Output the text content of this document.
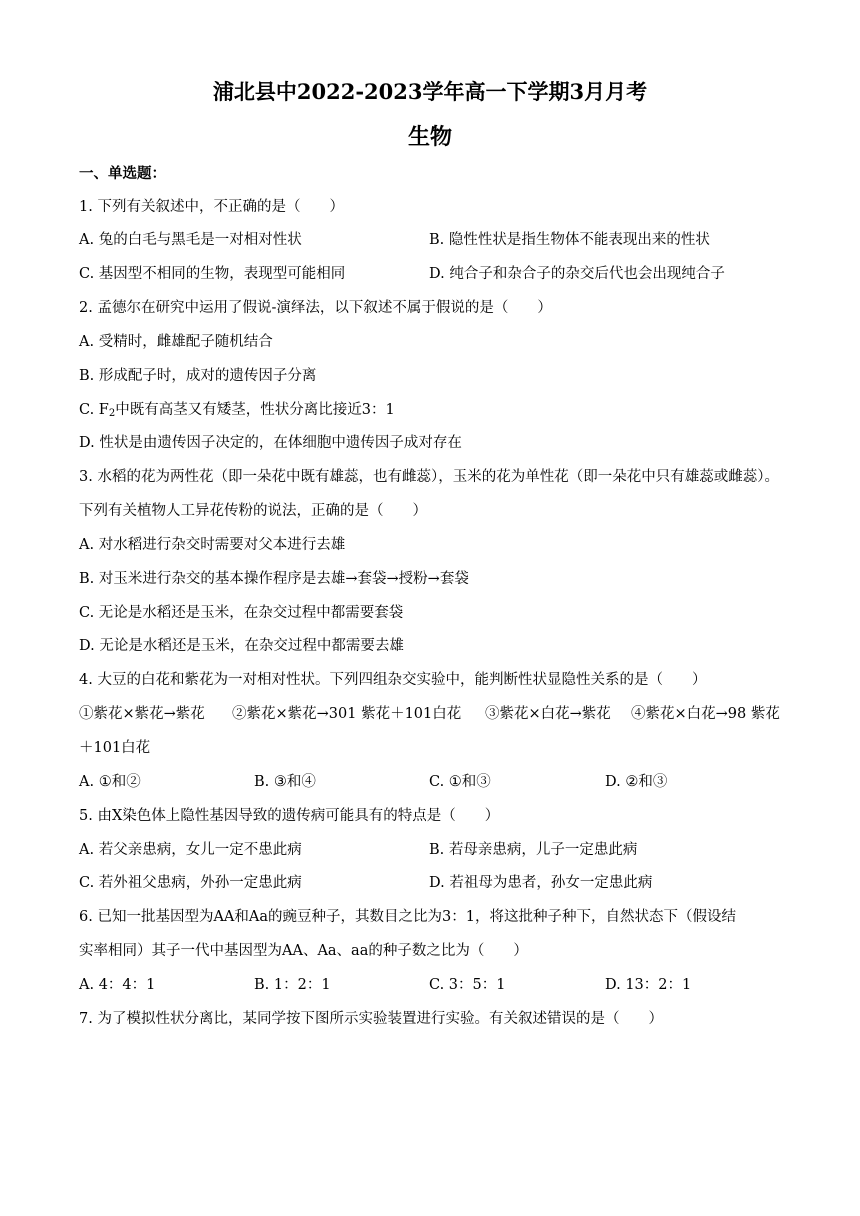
浦北县中2022-2023学年高一下学期3月月考
生物
一、单选题：
1. 下列有关叙述中，不正确的是（　　）
A. 兔的白毛与黑毛是一对相对性状	B. 隐性性状是指生物体不能表现出来的性状
C. 基因型不相同的生物，表现型可能相同	D. 纯合子和杂合子的杂交后代也会出现纯合子
2. 孟德尔在研究中运用了假说-演绎法，以下叙述不属于假说的是（　　）
A. 受精时，雌雄配子随机结合
B. 形成配子时，成对的遗传因子分离
C. $F_2$中既有高茎又有矮茎，性状分离比接近3：1
D. 性状是由遗传因子决定的，在体细胞中遗传因子成对存在
3. 水稻的花为两性花（即一朵花中既有雄蕊，也有雌蕊），玉米的花为单性花（即一朵花中只有雄蕊或雌蕊）。
下列有关植物人工异花传粉的说法，正确的是（　　）
A. 对水稻进行杂交时需要对父本进行去雄
B. 对玉米进行杂交的基本操作程序是去雄→套袋→授粉→套袋
C. 无论是水稻还是玉米，在杂交过程中都需要套袋
D. 无论是水稻还是玉米，在杂交过程中都需要去雄
4. 大豆的白花和紫花为一对相对性状。下列四组杂交实验中，能判断性状显隐性关系的是（　　）
①紫花×紫花→紫花 ②紫花×紫花→301 紫花＋101白花 ③紫花×白花→紫花 ④紫花×白花→98 紫花
＋101白花
A. ①和②	B. ③和④	C. ①和③	D. ②和③
5. 由X染色体上隐性基因导致的遗传病可能具有的特点是（　　）
A. 若父亲患病，女儿一定不患此病	B. 若母亲患病，儿子一定患此病
C. 若外祖父患病，外孙一定患此病	D. 若祖母为患者，孙女一定患此病
6. 已知一批基因型为AA和Aa的豌豆种子，其数目之比为3：1，将这批种子种下，自然状态下（假设结
实率相同）其子一代中基因型为AA、Aa、aa的种子数之比为（　　）
A. 4：4：1	B. 1：2：1	C. 3：5：1	D. 13：2：1
7. 为了模拟性状分离比，某同学按下图所示实验装置进行实验。有关叙述错误的是（　　）
